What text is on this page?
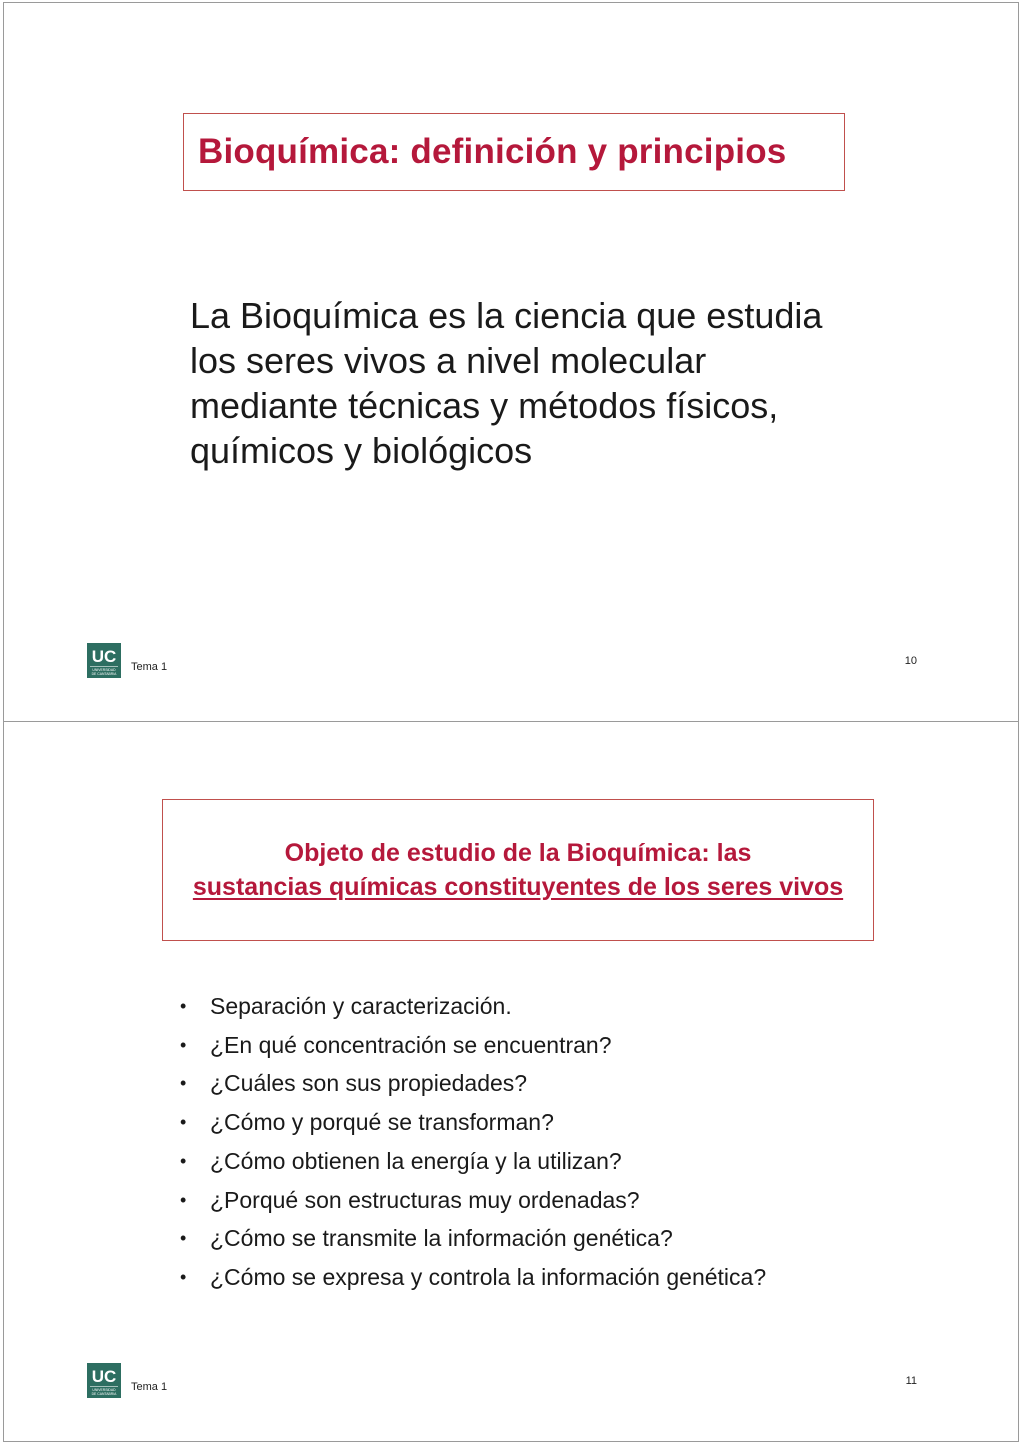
Bioquímica: definición y principios

La Bioquímica es la ciencia que estudia
los seres vivos a nivel molecular
mediante técnicas y métodos físicos,
químicos y biológicos

UC
UNIVERSIDAD
DE CANTABRIA
Tema 1	10
Objeto de estudio de la Bioquímica: las
sustancias químicas constituyentes de los seres vivos
• Separación y caracterización.
• ¿En qué concentración se encuentran?
• ¿Cuáles son sus propiedades?
• ¿Cómo y porqué se transforman?
• ¿Cómo obtienen la energía y la utilizan?
• ¿Porqué son estructuras muy ordenadas?
• ¿Cómo se transmite la información genética?
• ¿Cómo se expresa y controla la información genética?
UC
UNIVERSIDAD
DE CANTABRIA
Tema 1	11
